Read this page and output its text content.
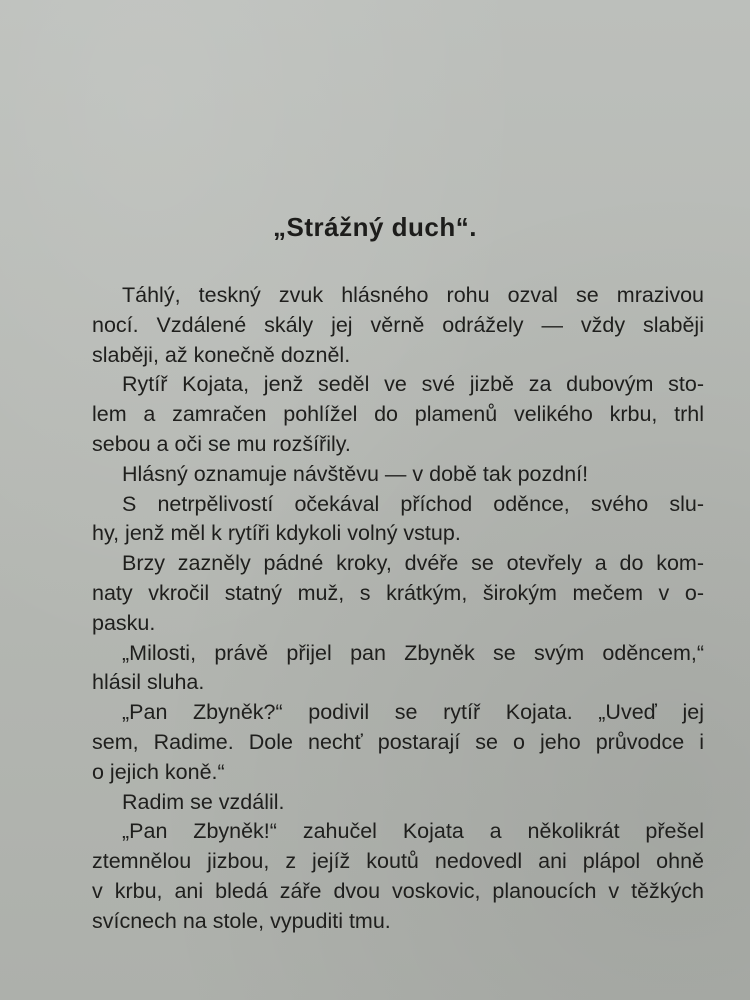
„Strážný duch“.
Táhlý, teskný zvuk hlásného rohu ozval se mrazivou
nocí. Vzdálené skály jej věrně odrážely — vždy slaběji
slaběji, až konečně dozněl.
Rytíř Kojata, jenž seděl ve své jizbě za dubovým sto-
lem a zamračen pohlížel do plamenů velikého krbu, trhl
sebou a oči se mu rozšířily.
Hlásný oznamuje návštěvu — v době tak pozdní!
S netrpělivostí očekával příchod oděnce, svého slu-
hy, jenž měl k rytíři kdykoli volný vstup.
Brzy zazněly pádné kroky, dvéře se otevřely a do kom-
naty vkročil statný muž, s krátkým, širokým mečem v o-
pasku.
„Milosti, právě přijel pan Zbyněk se svým oděncem,“
hlásil sluha.
„Pan Zbyněk?“ podivil se rytíř Kojata. „Uveď jej
sem, Radime. Dole nechť postarají se o jeho průvodce i
o jejich koně.“
Radim se vzdálil.
„Pan Zbyněk!“ zahučel Kojata a několikrát přešel
ztemnělou jizbou, z jejíž koutů nedovedl ani plápol ohně
v krbu, ani bledá záře dvou voskovic, planoucích v těžkých
svícnech na stole, vypuditi tmu.
